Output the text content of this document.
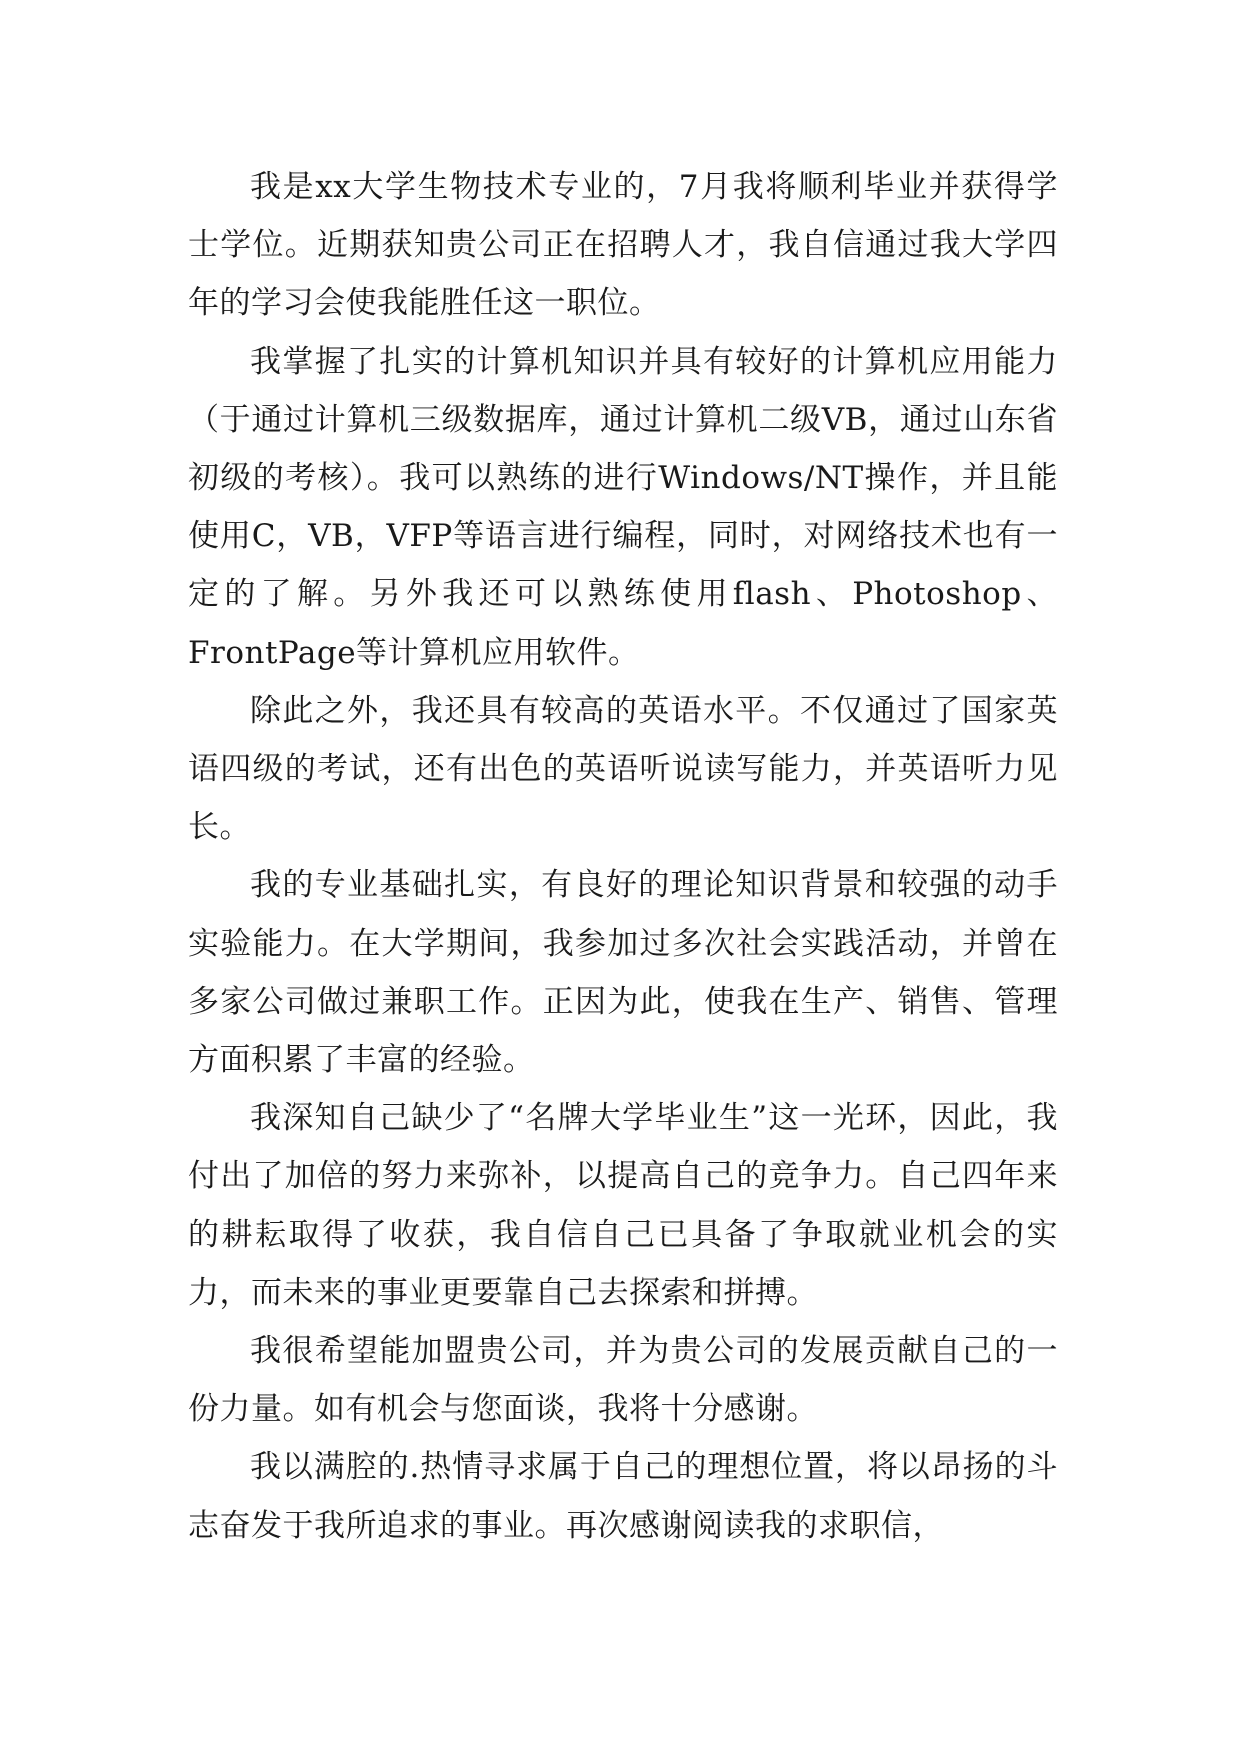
我是xx大学生物技术专业的，7月我将顺利毕业并获得学士学位。近期获知贵公司正在招聘人才，我自信通过我大学四年的学习会使我能胜任这一职位。

我掌握了扎实的计算机知识并具有较好的计算机应用能力（于通过计算机三级数据库，通过计算机二级VB，通过山东省初级的考核）。我可以熟练的进行Windows/NT操作，并且能使用C，VB，VFP等语言进行编程，同时，对网络技术也有一定的了解。另外我还可以熟练使用flash、Photoshop、FrontPage等计算机应用软件。

除此之外，我还具有较高的英语水平。不仅通过了国家英语四级的考试，还有出色的英语听说读写能力，并英语听力见长。

我的专业基础扎实，有良好的理论知识背景和较强的动手实验能力。在大学期间，我参加过多次社会实践活动，并曾在多家公司做过兼职工作。正因为此，使我在生产、销售、管理方面积累了丰富的经验。

我深知自己缺少了“名牌大学毕业生”这一光环，因此，我付出了加倍的努力来弥补，以提高自己的竞争力。自己四年来的耕耘取得了收获，我自信自己已具备了争取就业机会的实力，而未来的事业更要靠自己去探索和拼搏。

我很希望能加盟贵公司，并为贵公司的发展贡献自己的一份力量。如有机会与您面谈，我将十分感谢。

我以满腔的.热情寻求属于自己的理想位置，将以昂扬的斗志奋发于我所追求的事业。再次感谢阅读我的求职信，
